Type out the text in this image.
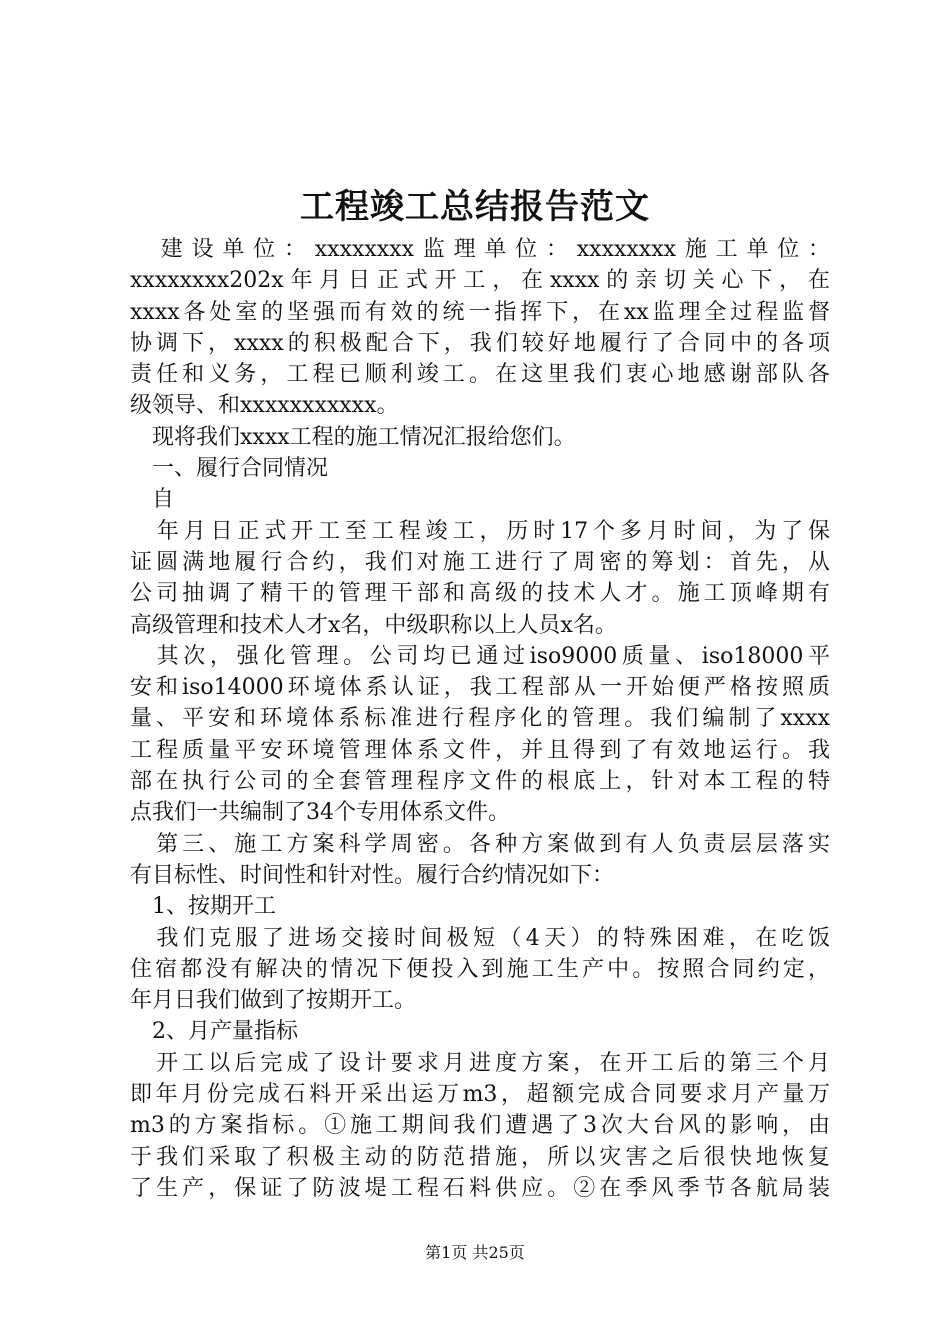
工程竣工总结报告范文
　建设单位：xxxxxxxx监理单位：xxxxxxxx施工单位：
xxxxxxxx202x年月日正式开工，在xxxx的亲切关心下，在
xxxx各处室的坚强而有效的统一指挥下，在xx监理全过程监督
协调下，xxxx的积极配合下，我们较好地履行了合同中的各项
责任和义务，工程已顺利竣工。在这里我们衷心地感谢部队各
级领导、和xxxxxxxxxxx。
　现将我们xxxx工程的施工情况汇报给您们。
　一、履行合同情况
　自
　年月日正式开工至工程竣工，历时17个多月时间，为了保
证圆满地履行合约，我们对施工进行了周密的筹划：首先，从
公司抽调了精干的管理干部和高级的技术人才。施工顶峰期有
高级管理和技术人才x名，中级职称以上人员x名。
　其次，强化管理。公司均已通过iso9000质量、iso18000平
安和iso14000环境体系认证，我工程部从一开始便严格按照质
量、平安和环境体系标准进行程序化的管理。我们编制了xxxx
工程质量平安环境管理体系文件，并且得到了有效地运行。我
部在执行公司的全套管理程序文件的根底上，针对本工程的特
点我们一共编制了34个专用体系文件。
　第三、施工方案科学周密。各种方案做到有人负责层层落实
有目标性、时间性和针对性。履行合约情况如下：
　1、按期开工
　我们克服了进场交接时间极短（4天）的特殊困难，在吃饭
住宿都没有解决的情况下便投入到施工生产中。按照合同约定，
年月日我们做到了按期开工。
　2、月产量指标
　开工以后完成了设计要求月进度方案，在开工后的第三个月
即年月份完成石料开采出运万m3，超额完成合同要求月产量万
m3的方案指标。①施工期间我们遭遇了3次大台风的影响，由
于我们采取了积极主动的防范措施，所以灾害之后很快地恢复
了生产，保证了防波堤工程石料供应。②在季风季节各航局装
第1页 共25页
